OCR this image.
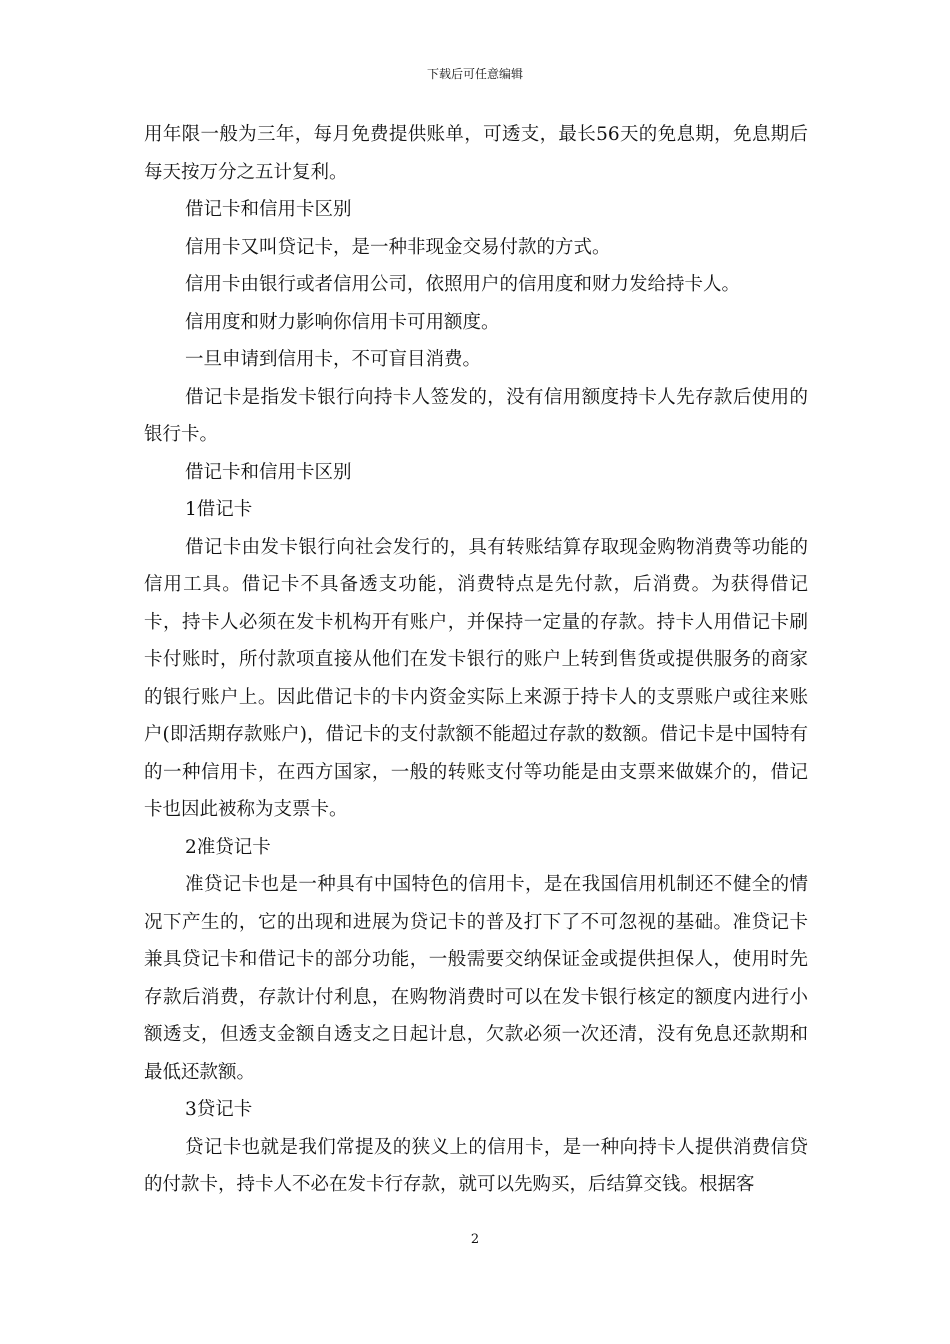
下载后可任意编辑

用年限一般为三年，每月免费提供账单，可透支，最长56天的免息期，免息期后每天按万分之五计复利。

借记卡和信用卡区别

信用卡又叫贷记卡，是一种非现金交易付款的方式。

信用卡由银行或者信用公司，依照用户的信用度和财力发给持卡人。

信用度和财力影响你信用卡可用额度。

一旦申请到信用卡，不可盲目消费。

借记卡是指发卡银行向持卡人签发的，没有信用额度持卡人先存款后使用的银行卡。

借记卡和信用卡区别

1借记卡

借记卡由发卡银行向社会发行的，具有转账结算存取现金购物消费等功能的信用工具。借记卡不具备透支功能，消费特点是先付款，后消费。为获得借记卡，持卡人必须在发卡机构开有账户，并保持一定量的存款。持卡人用借记卡刷卡付账时，所付款项直接从他们在发卡银行的账户上转到售货或提供服务的商家的银行账户上。因此借记卡的卡内资金实际上来源于持卡人的支票账户或往来账户(即活期存款账户)，借记卡的支付款额不能超过存款的数额。借记卡是中国特有的一种信用卡，在西方国家，一般的转账支付等功能是由支票来做媒介的，借记卡也因此被称为支票卡。

2准贷记卡

准贷记卡也是一种具有中国特色的信用卡，是在我国信用机制还不健全的情况下产生的，它的出现和进展为贷记卡的普及打下了不可忽视的基础。准贷记卡兼具贷记卡和借记卡的部分功能，一般需要交纳保证金或提供担保人，使用时先存款后消费，存款计付利息，在购物消费时可以在发卡银行核定的额度内进行小额透支，但透支金额自透支之日起计息，欠款必须一次还清，没有免息还款期和最低还款额。

3贷记卡

贷记卡也就是我们常提及的狭义上的信用卡，是一种向持卡人提供消费信贷的付款卡，持卡人不必在发卡行存款，就可以先购买，后结算交钱。根据客

2
